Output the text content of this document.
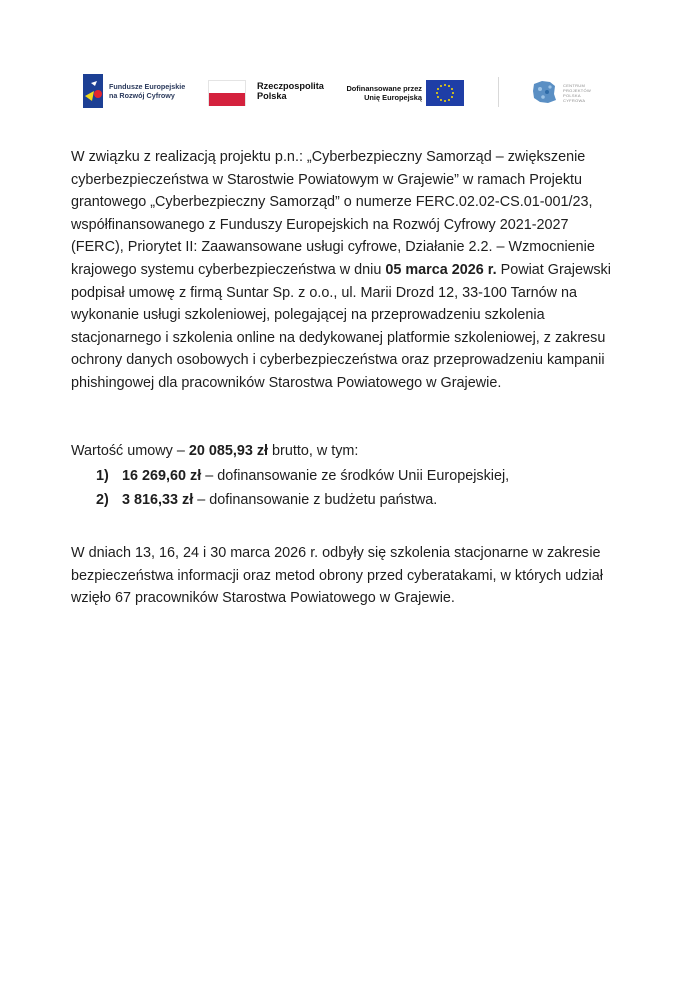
Fundusze Europejskie
na Rozwój Cyfrowy
Rzeczpospolita
Polska
Dofinansowane przez
Unię Europejską
CENTRUM
PROJEKTÓW
POLSKA
CYFROWA

W związku z realizacją projektu p.n.: „Cyberbezpieczny Samorząd – zwiększenie
cyberbezpieczeństwa w Starostwie Powiatowym w Grajewie” w ramach Projektu
grantowego „Cyberbezpieczny Samorząd” o numerze FERC.02.02-CS.01-001/23,
współfinansowanego z Funduszy Europejskich na Rozwój Cyfrowy 2021-2027
(FERC), Priorytet II: Zaawansowane usługi cyfrowe, Działanie 2.2. – Wzmocnienie
krajowego systemu cyberbezpieczeństwa w dniu 05 marca 2026 r. Powiat Grajewski
podpisał umowę z firmą Suntar Sp. z o.o., ul. Marii Drozd 12, 33-100 Tarnów na
wykonanie usługi szkoleniowej, polegającej na przeprowadzeniu szkolenia
stacjonarnego i szkolenia online na dedykowanej platformie szkoleniowej, z zakresu
ochrony danych osobowych i cyberbezpieczeństwa oraz przeprowadzeniu kampanii
phishingowej dla pracowników Starostwa Powiatowego w Grajewie.

Wartość umowy – 20 085,93 zł brutto, w tym:

1) 16 269,60 zł – dofinansowanie ze środków Unii Europejskiej,
2) 3 816,33 zł – dofinansowanie z budżetu państwa.

W dniach 13, 16, 24 i 30 marca 2026 r. odbyły się szkolenia stacjonarne w zakresie
bezpieczeństwa informacji oraz metod obrony przed cyberatakami, w których udział
wzięło 67 pracowników Starostwa Powiatowego w Grajewie.
